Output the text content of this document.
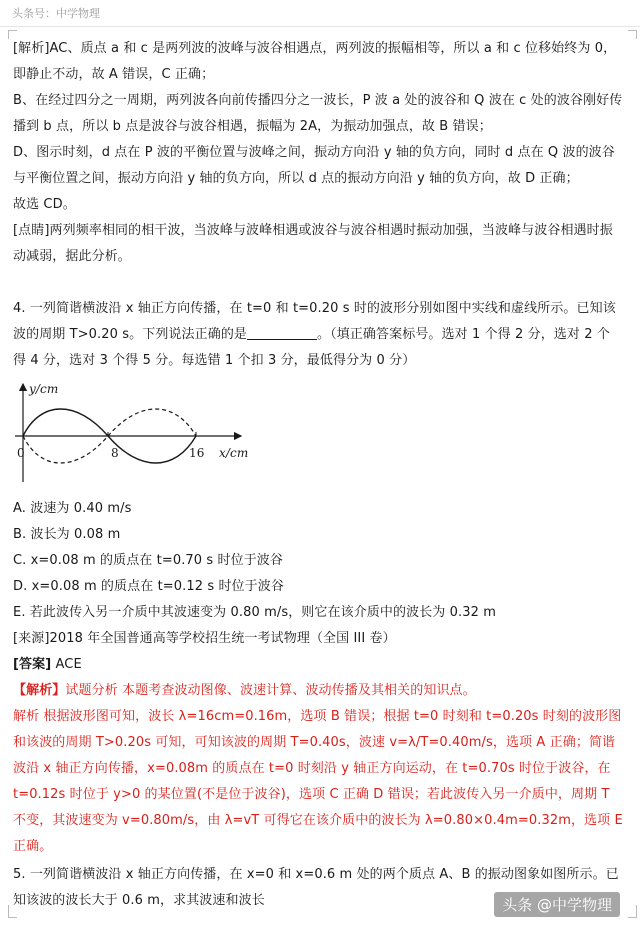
头条号：中学物理

[解析]AC、质点 a 和 c 是两列波的波峰与波谷相遇点，两列波的振幅相等，所以 a 和 c 位移始终为 0，即静止不动，故 A 错误，C 正确；

B、在经过四分之一周期，两列波各向前传播四分之一波长，P 波 a 处的波谷和 Q 波在 c 处的波谷刚好传播到 b 点，所以 b 点是波谷与波谷相遇，振幅为 2A，为振动加强点，故 B 错误；

D、图示时刻，d 点在 P 波的平衡位置与波峰之间，振动方向沿 y 轴的负方向，同时 d 点在 Q 波的波谷与平衡位置之间，振动方向沿 y 轴的负方向，所以 d 点的振动方向沿 y 轴的负方向，故 D 正确；

故选 CD。

[点睛]两列频率相同的相干波，当波峰与波峰相遇或波谷与波谷相遇时振动加强，当波峰与波谷相遇时振动减弱，据此分析。

4. 一列简谐横波沿 x 轴正方向传播，在 t=0 和 t=0.20 s 时的波形分别如图中实线和虚线所示。已知该波的周期 T>0.20 s。下列说法正确的是	。（填正确答案标号。选对 1 个得 2 分，选对 2 个得 4 分，选对 3 个得 5 分。每选错 1 个扣 3 分，最低得分为 0 分）

y/cm
x/cm
0	8	16

A. 波速为 0.40 m/s

B. 波长为 0.08 m

C. x=0.08 m 的质点在 t=0.70 s 时位于波谷

D. x=0.08 m 的质点在 t=0.12 s 时位于波谷

E. 若此波传入另一介质中其波速变为 0.80 m/s，则它在该介质中的波长为 0.32 m

[来源]2018 年全国普通高等学校招生统一考试物理（全国 III 卷）

[答案] ACE

【解析】试题分析 本题考查波动图像、波速计算、波动传播及其相关的知识点。

解析 根据波形图可知，波长 λ=16cm=0.16m，选项 B 错误；根据 t=0 时刻和 t=0.20s 时刻的波形图和该波的周期 T>0.20s 可知，可知该波的周期 T=0.40s，波速 v=λ/T=0.40m/s，选项 A 正确；简谐波沿 x 轴正方向传播，x=0.08m 的质点在 t=0 时刻沿 y 轴正方向运动，在 t=0.70s 时位于波谷，在 t=0.12s 时位于 y>0 的某位置(不是位于波谷)，选项 C 正确 D 错误；若此波传入另一介质中，周期 T 不变，其波速变为 v=0.80m/s，由 λ=vT 可得它在该介质中的波长为 λ=0.80×0.4m=0.32m，选项 E 正确。

5. 一列简谐横波沿 x 轴正方向传播，在 x=0 和 x=0.6 m 处的两个质点 A、B 的振动图象如图所示。已知该波的波长大于 0.6 m，求其波速和波长	头条 @中学物理
